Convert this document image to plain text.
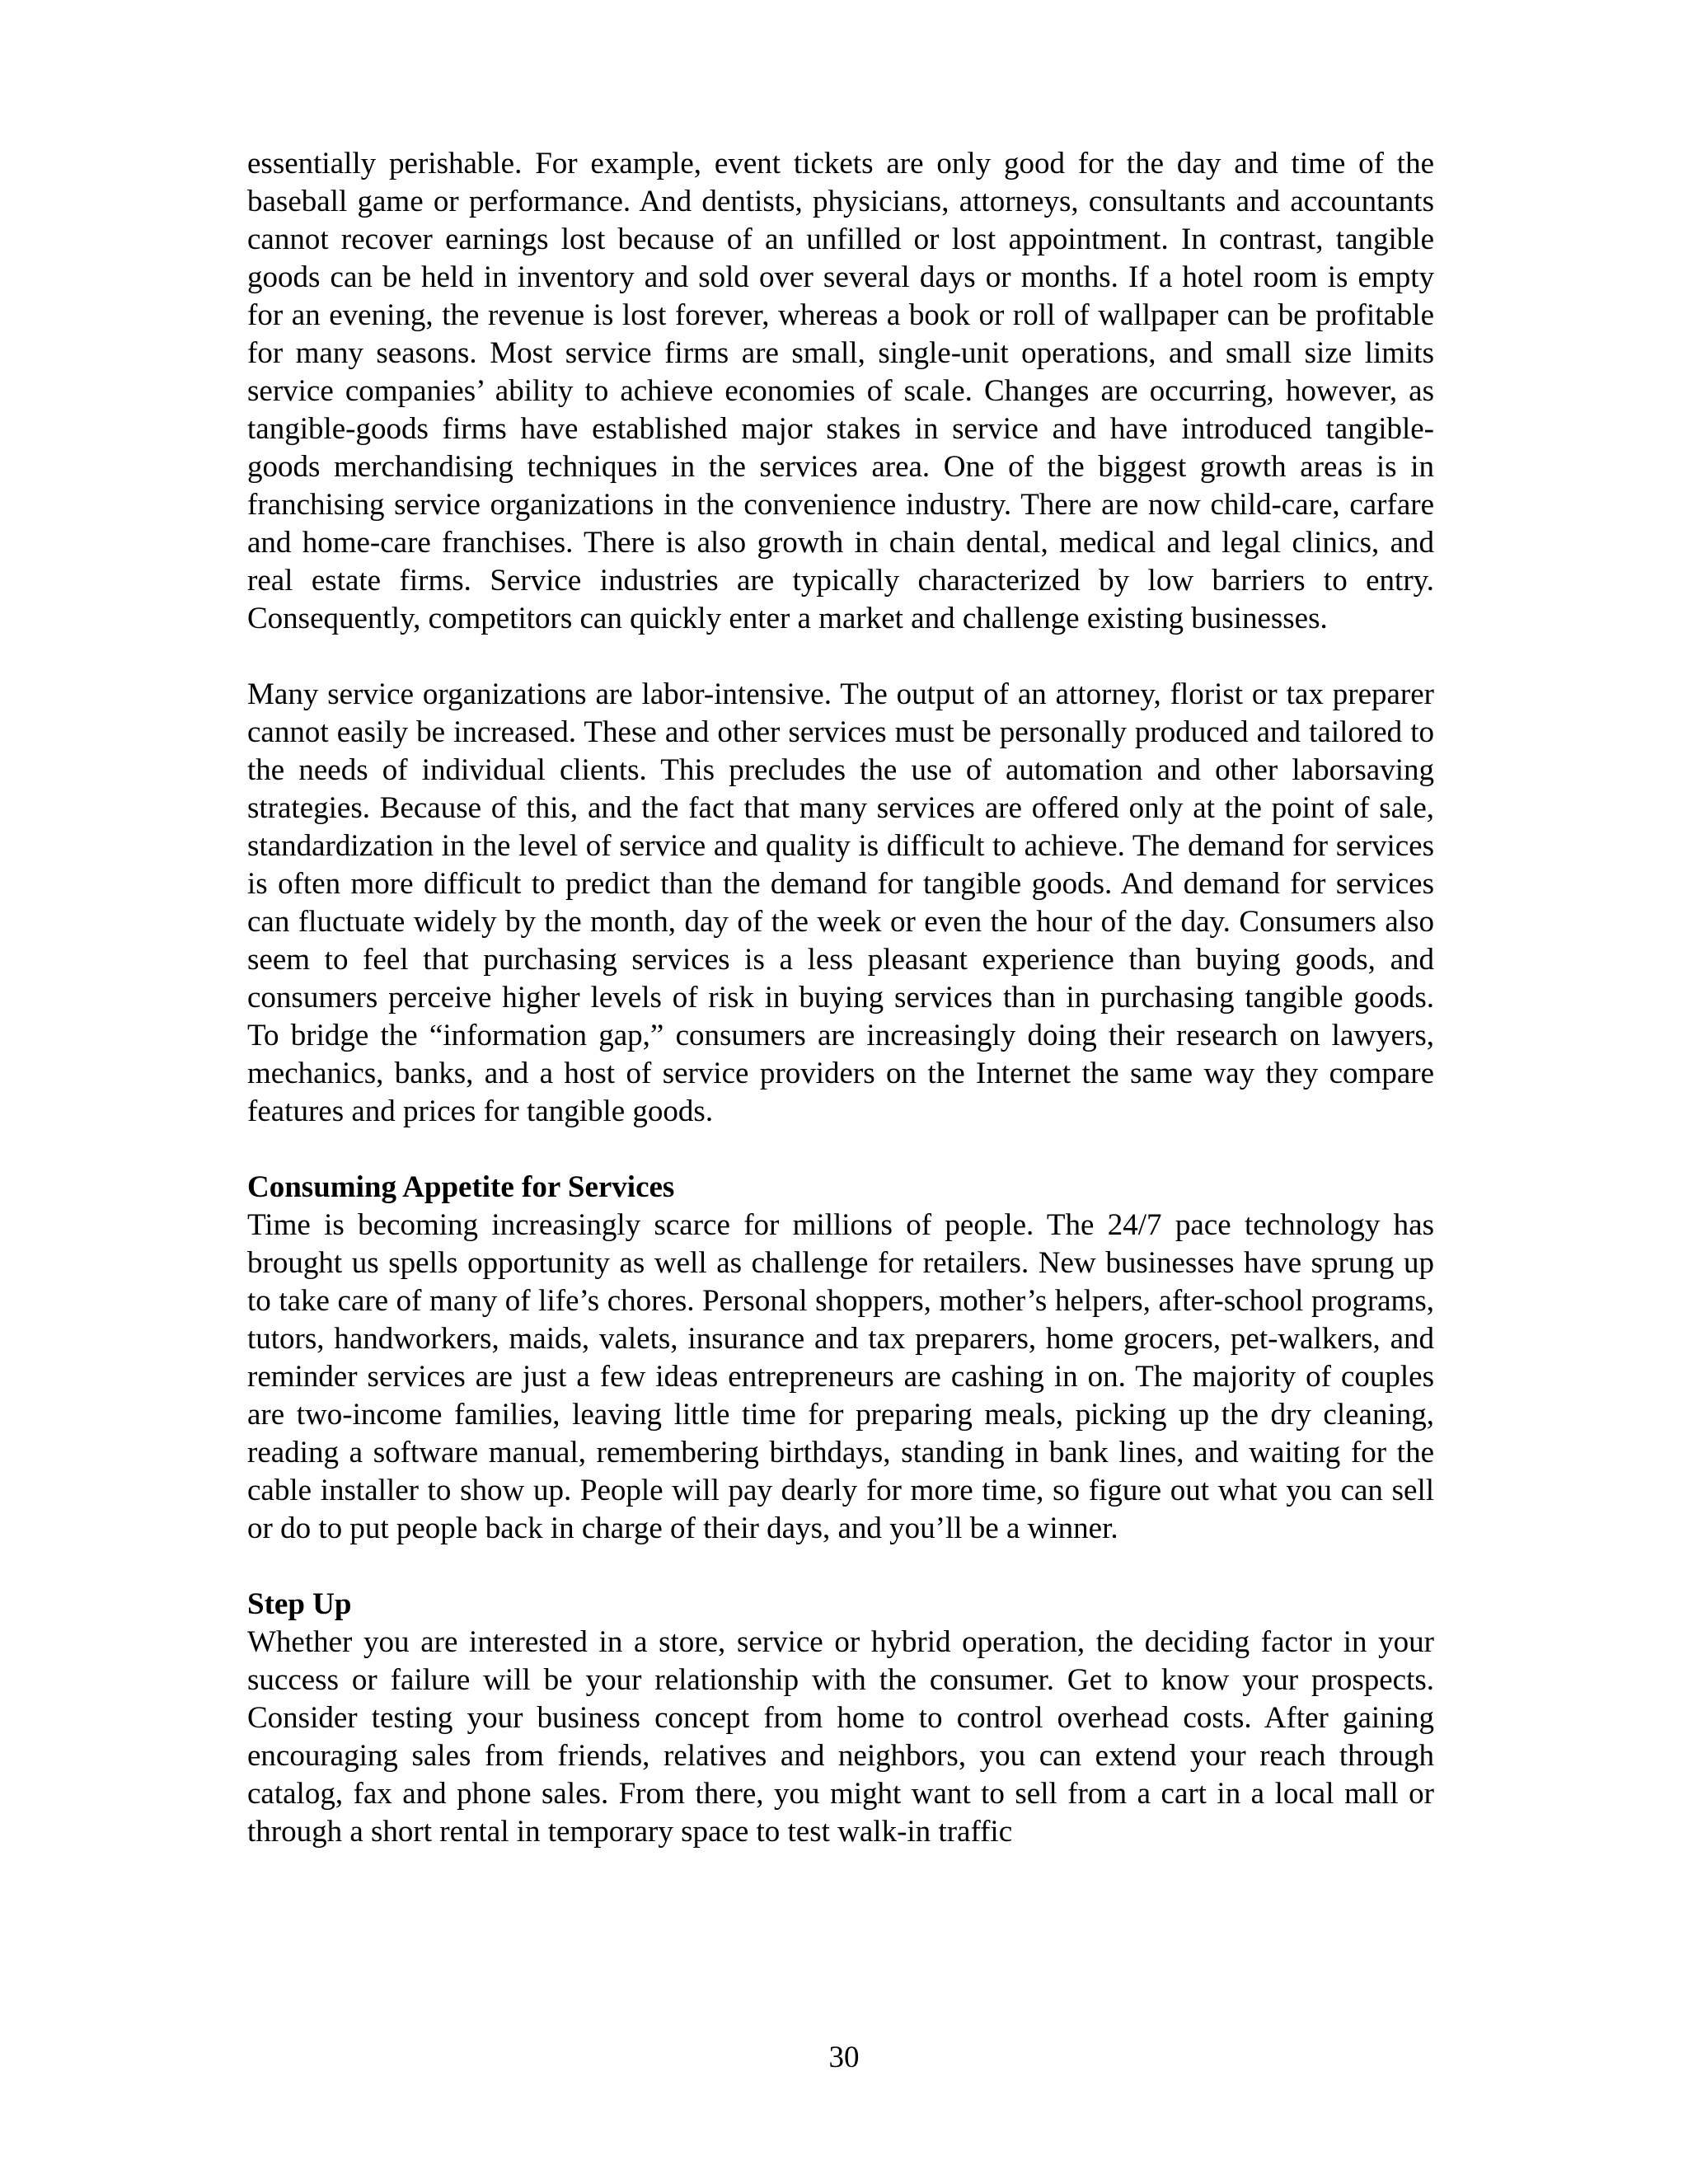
essentially perishable. For example, event tickets are only good for the day and time of the baseball game or performance. And dentists, physicians, attorneys, consultants and accountants cannot recover earnings lost because of an unfilled or lost appointment. In contrast, tangible goods can be held in inventory and sold over several days or months. If a hotel room is empty for an evening, the revenue is lost forever, whereas a book or roll of wallpaper can be profitable for many seasons. Most service firms are small, single-unit operations, and small size limits service companies’ ability to achieve economies of scale. Changes are occurring, however, as tangible-goods firms have established major stakes in service and have introduced tangible-goods merchandising techniques in the services area. One of the biggest growth areas is in franchising service organizations in the convenience industry. There are now child-care, carfare and home-care franchises. There is also growth in chain dental, medical and legal clinics, and real estate firms. Service industries are typically characterized by low barriers to entry. Consequently, competitors can quickly enter a market and challenge existing businesses.

Many service organizations are labor-intensive. The output of an attorney, florist or tax preparer cannot easily be increased. These and other services must be personally produced and tailored to the needs of individual clients. This precludes the use of automation and other laborsaving strategies. Because of this, and the fact that many services are offered only at the point of sale, standardization in the level of service and quality is difficult to achieve. The demand for services is often more difficult to predict than the demand for tangible goods. And demand for services can fluctuate widely by the month, day of the week or even the hour of the day. Consumers also seem to feel that purchasing services is a less pleasant experience than buying goods, and consumers perceive higher levels of risk in buying services than in purchasing tangible goods. To bridge the “information gap,” consumers are increasingly doing their research on lawyers, mechanics, banks, and a host of service providers on the Internet the same way they compare features and prices for tangible goods.

Consuming Appetite for Services

Time is becoming increasingly scarce for millions of people. The 24/7 pace technology has brought us spells opportunity as well as challenge for retailers. New businesses have sprung up to take care of many of life’s chores. Personal shoppers, mother’s helpers, after-school programs, tutors, handworkers, maids, valets, insurance and tax preparers, home grocers, pet-walkers, and reminder services are just a few ideas entrepreneurs are cashing in on. The majority of couples are two-income families, leaving little time for preparing meals, picking up the dry cleaning, reading a software manual, remembering birthdays, standing in bank lines, and waiting for the cable installer to show up. People will pay dearly for more time, so figure out what you can sell or do to put people back in charge of their days, and you’ll be a winner.

Step Up

Whether you are interested in a store, service or hybrid operation, the deciding factor in your success or failure will be your relationship with the consumer. Get to know your prospects. Consider testing your business concept from home to control overhead costs. After gaining encouraging sales from friends, relatives and neighbors, you can extend your reach through catalog, fax and phone sales. From there, you might want to sell from a cart in a local mall or through a short rental in temporary space to test walk-in traffic

30
